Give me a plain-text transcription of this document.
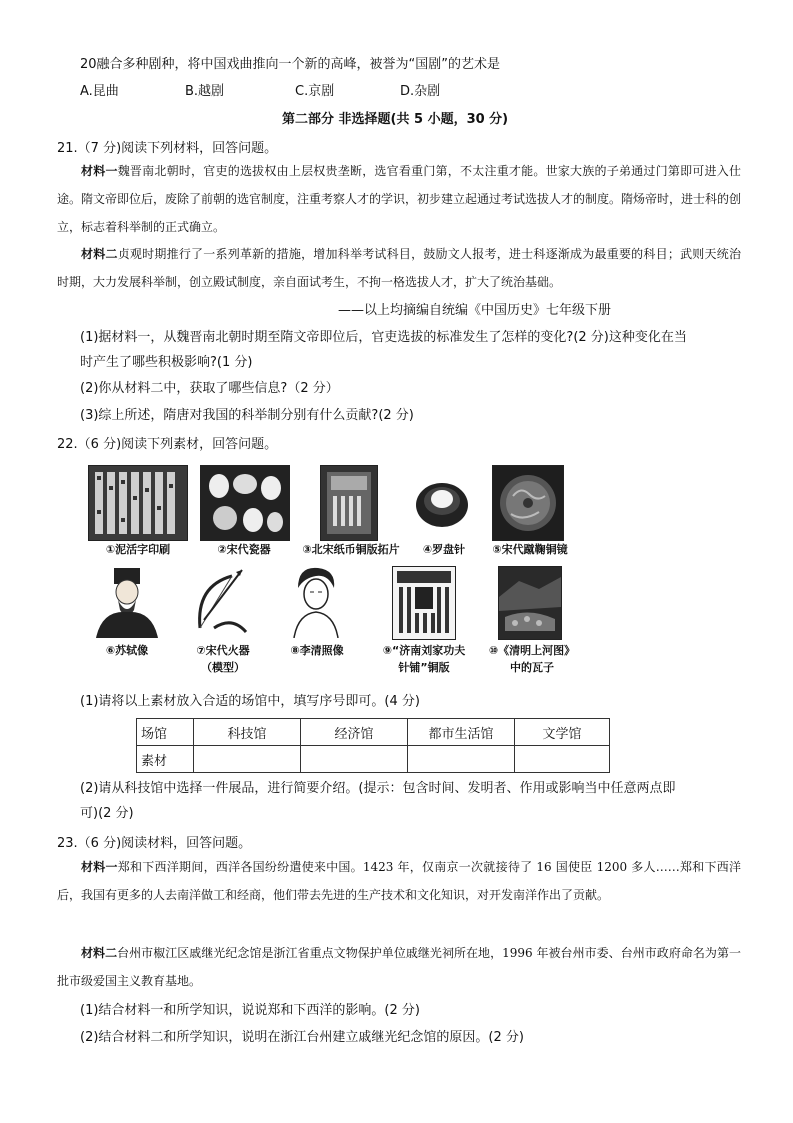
20融合多种剧种，将中国戏曲推向一个新的高峰，被誉为“国剧”的艺术是
A.昆曲	B.越剧	C.京剧	D.杂剧
第二部分 非选择题(共 5 小题，30 分)
21.（7 分)阅读下列材料，回答问题。
材料一魏晋南北朝时，官吏的选拔权由上层权贵垄断，选官看重门第，不太注重才能。世家大族的子弟通过门第即可进入仕途。隋文帝即位后，废除了前朝的选官制度，注重考察人才的学识，初步建立起通过考试选拔人才的制度。隋炀帝时，进士科的创立，标志着科举制的正式确立。
材料二贞观时期推行了一系列革新的措施，增加科举考试科目，鼓励文人报考，进士科逐渐成为最重要的科目；武则天统治时期，大力发展科举制，创立殿试制度，亲自面试考生，不拘一格选拔人才，扩大了统治基础。
——以上均摘编自统编《中国历史》七年级下册
(1)据材料一，从魏晋南北朝时期至隋文帝即位后，官吏选拔的标准发生了怎样的变化?(2 分)这种变化在当
时产生了哪些积极影响?(1 分)
(2)你从材料二中，获取了哪些信息?（2 分）
(3)综上所述，隋唐对我国的科举制分别有什么贡献?(2 分)
22.（6 分)阅读下列素材，回答问题。
①泥活字印刷	②宋代瓷器	③北宋纸币铜版拓片	④罗盘针	⑤宋代蹴鞠铜镜
⑥苏轼像	⑦宋代火器
（模型）
⑧李清照像	⑨“济南刘家功夫
针铺”铜版
⑩《清明上河图》
中的瓦子
(1)请将以上素材放入合适的场馆中，填写序号即可。(4 分)
场馆	科技馆	经济馆	都市生活馆	文学馆
素材				
(2)请从科技馆中选择一件展品，进行简要介绍。(提示：包含时间、发明者、作用或影响当中任意两点即
可)(2 分)
23.（6 分)阅读材料，回答问题。
材料一郑和下西洋期间，西洋各国纷纷遣使来中国。1423 年，仅南京一次就接待了 16 国使臣 1200 多人……郑和下西洋后，我国有更多的人去南洋做工和经商，他们带去先进的生产技术和文化知识，对开发南洋作出了贡献。
材料二台州市椒江区戚继光纪念馆是浙江省重点文物保护单位戚继光祠所在地，1996 年被台州市委、台州市政府命名为第一批市级爱国主义教育基地。
(1)结合材料一和所学知识，说说郑和下西洋的影响。(2 分)
(2)结合材料二和所学知识，说明在浙江台州建立戚继光纪念馆的原因。(2 分)
